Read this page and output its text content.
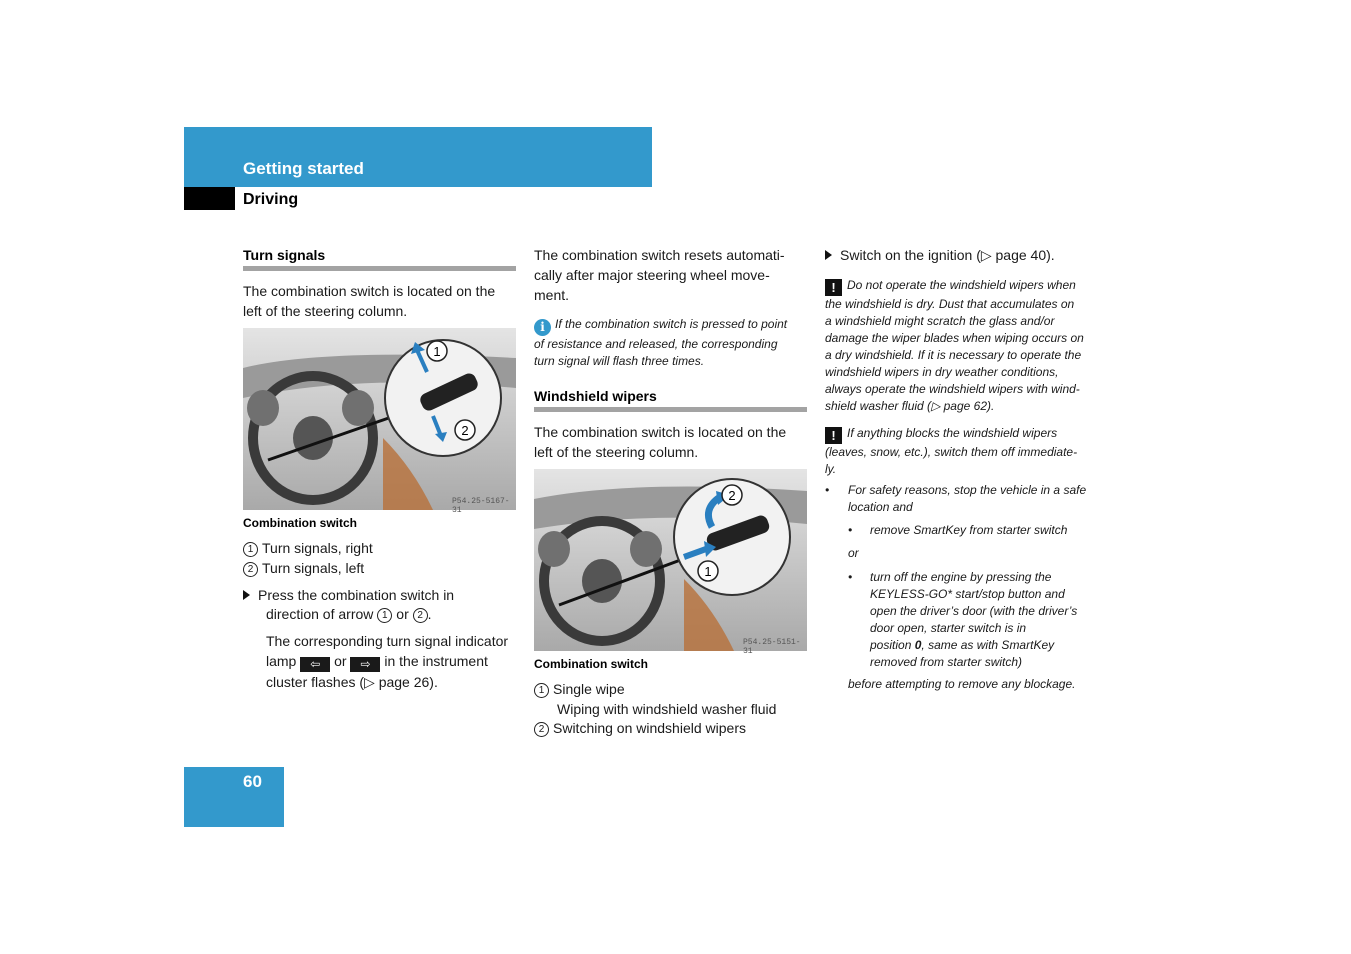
Getting started
Driving
Turn signals
The combination switch is located on the
left of the steering column.
1
2
P54.25-5167-31
Combination switch
1 Turn signals, right
2 Turn signals, left
Press the combination switch in
direction of arrow 1 or 2 .
The corresponding turn signal indicator
lamp ⇦ or ⇨ in the instrument
cluster flashes (▷ page 26).
The combination switch resets automati-
cally after major steering wheel move-
ment.
i If the combination switch is pressed to point
of resistance and released, the corresponding
turn signal will flash three times.
Windshield wipers
The combination switch is located on the
left of the steering column.
2
1
P54.25-5151-31
Combination switch
1 Single wipe
Wiping with windshield washer fluid
2 Switching on windshield wipers
Switch on the ignition (▷ page 40).
! Do not operate the windshield wipers when
the windshield is dry. Dust that accumulates on
a windshield might scratch the glass and/or
damage the wiper blades when wiping occurs on
a dry windshield. If it is necessary to operate the
windshield wipers in dry weather conditions,
always operate the windshield wipers with wind-
shield washer fluid (▷ page 62).
! If anything blocks the windshield wipers
(leaves, snow, etc.), switch them off immediate-
ly.
• For safety reasons, stop the vehicle in a safe
location and
• remove SmartKey from starter switch
or
• turn off the engine by pressing the
KEYLESS-GO* start/stop button and
open the driver’s door (with the driver’s
door open, starter switch is in
position 0, same as with SmartKey
removed from starter switch)
before attempting to remove any blockage.
60
